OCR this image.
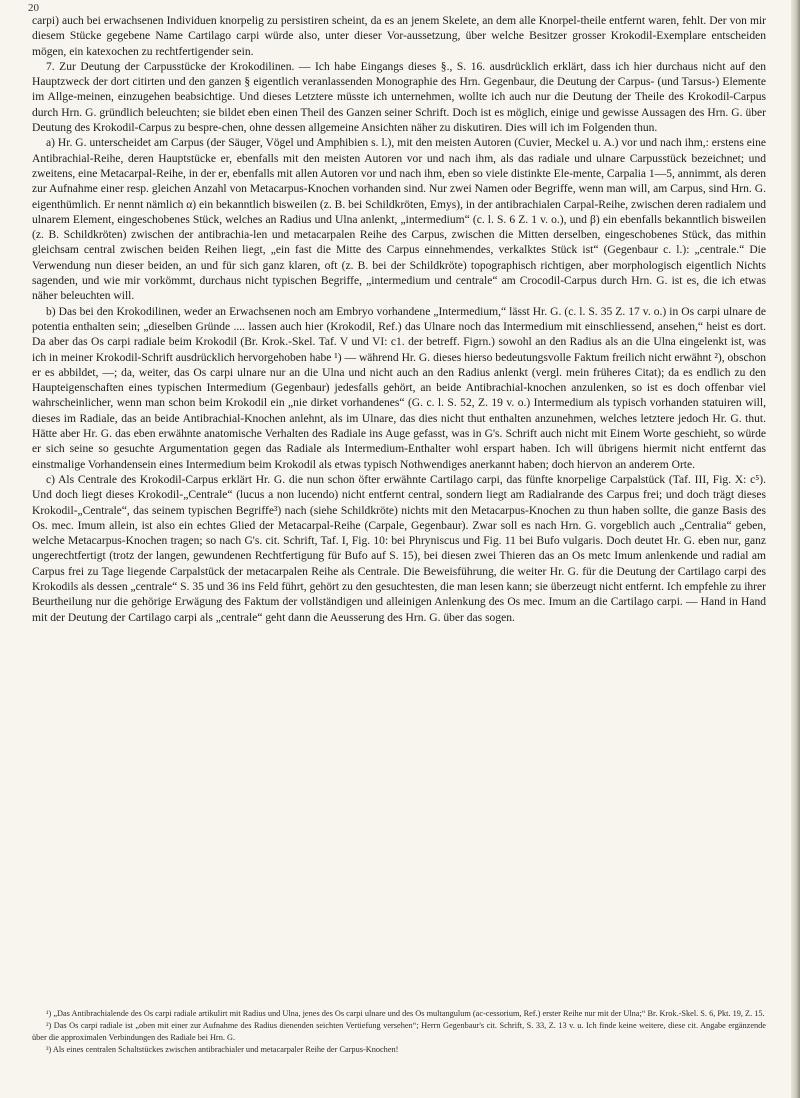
20

carpi) auch bei erwachsenen Individuen knorpelig zu persistiren scheint, da es an jenem Skelete, an dem alle Knorpel-theile entfernt waren, fehlt. Der von mir diesem Stücke gegebene Name Cartilago carpi würde also, unter dieser Vor-aussetzung, über welche Besitzer grosser Krokodil-Exemplare entscheiden mögen, ein katexochen zu rechtfertigender sein.

7. Zur Deutung der Carpusstücke der Krokodilinen. — Ich habe Eingangs dieses §., S. 16. ausdrücklich erklärt, dass ich hier durchaus nicht auf den Hauptzweck der dort citirten und den ganzen § eigentlich veranlassenden Monographie des Hrn. Gegenbaur, die Deutung der Carpus- (und Tarsus-) Elemente im Allge-meinen, einzugehen beabsichtige. Und dieses Letztere müsste ich unternehmen, wollte ich auch nur die Deutung der Theile des Krokodil-Carpus durch Hrn. G. gründlich beleuchten; sie bildet eben einen Theil des Ganzen seiner Schrift. Doch ist es möglich, einige und gewisse Aussagen des Hrn. G. über Deutung des Krokodil-Carpus zu bespre-chen, ohne dessen allgemeine Ansichten näher zu diskutiren. Dies will ich im Folgenden thun.

a) Hr. G. unterscheidet am Carpus (der Säuger, Vögel und Amphibien s. l.), mit den meisten Autoren (Cuvier, Meckel u. A.) vor und nach ihm,: erstens eine Antibrachial-Reihe, deren Hauptstücke er, ebenfalls mit den meisten Autoren vor und nach ihm, als das radiale und ulnare Carpusstück bezeichnet; und zweitens, eine Metacarpal-Reihe, in der er, ebenfalls mit allen Autoren vor und nach ihm, eben so viele distinkte Ele-mente, Carpalia 1—5, annimmt, als deren zur Aufnahme einer resp. gleichen Anzahl von Metacarpus-Knochen vorhanden sind. Nur zwei Namen oder Begriffe, wenn man will, am Carpus, sind Hrn. G. eigenthümlich. Er nennt nämlich α) ein bekanntlich bisweilen (z. B. bei Schildkröten, Emys), in der antibrachialen Carpal-Reihe, zwischen deren radialem und ulnarem Element, eingeschobenes Stück, welches an Radius und Ulna anlenkt, „intermedium“ (c. l. S. 6 Z. 1 v. o.), und β) ein ebenfalls bekanntlich bisweilen (z. B. Schildkröten) zwischen der antibrachia-len und metacarpalen Reihe des Carpus, zwischen die Mitten derselben, eingeschobenes Stück, das mithin gleichsam central zwischen beiden Reihen liegt, „ein fast die Mitte des Carpus einnehmendes, verkalktes Stück ist“ (Gegenbaur c. l.): „centrale.“ Die Verwendung nun dieser beiden, an und für sich ganz klaren, oft (z. B. bei der Schildkröte) topographisch richtigen, aber morphologisch eigentlich Nichts sagenden, und wie mir vorkömmt, durchaus nicht typischen Begriffe, „intermedium und centrale“ am Crocodil-Carpus durch Hrn. G. ist es, die ich etwas näher beleuchten will.

b) Das bei den Krokodilinen, weder an Erwachsenen noch am Embryo vorhandene „Intermedium,“ lässt Hr. G. (c. l. S. 35 Z. 17 v. o.) in Os carpi ulnare de potentia enthalten sein; „dieselben Gründe .... lassen auch hier (Krokodil, Ref.) das Ulnare noch das Intermedium mit einschliessend, ansehen,“ heist es dort. Da aber das Os carpi radiale beim Krokodil (Br. Krok.-Skel. Taf. V und VI: c1. der betreff. Figrn.) sowohl an den Radius als an die Ulna eingelenkt ist, was ich in meiner Krokodil-Schrift ausdrücklich hervorgehoben habe ¹) — während Hr. G. dieses hierso bedeutungsvolle Faktum freilich nicht erwähnt ²), obschon er es abbildet, —; da, weiter, das Os carpi ulnare nur an die Ulna und nicht auch an den Radius anlenkt (vergl. mein früheres Citat); da es endlich zu den Haupteigenschaften eines typischen Intermedium (Gegenbaur) jedesfalls gehört, an beide Antibrachial-knochen anzulenken, so ist es doch offenbar viel wahrscheinlicher, wenn man schon beim Krokodil ein „nie dirket vorhandenes“ (G. c. l. S. 52, Z. 19 v. o.) Intermedium als typisch vorhanden statuiren will, dieses im Radiale, das an beide Antibrachial-Knochen anlehnt, als im Ulnare, das dies nicht thut enthalten anzunehmen, welches letztere jedoch Hr. G. thut. Hätte aber Hr. G. das eben erwähnte anatomische Verhalten des Radiale ins Auge gefasst, was in G's. Schrift auch nicht mit Einem Worte geschieht, so würde er sich seine so gesuchte Argumentation gegen das Radiale als Intermedium-Enthalter wohl erspart haben. Ich will übrigens hiermit nicht entfernt das einstmalige Vorhandensein eines Intermedium beim Krokodil als etwas typisch Nothwendiges anerkannt haben; doch hiervon an anderem Orte.

c) Als Centrale des Krokodil-Carpus erklärt Hr. G. die nun schon öfter erwähnte Cartilago carpi, das fünfte knorpelige Carpalstück (Taf. III, Fig. X: c⁵). Und doch liegt dieses Krokodil-„Centrale“ (lucus a non lucendo) nicht entfernt central, sondern liegt am Radialrande des Carpus frei; und doch trägt dieses Krokodil-„Centrale“, das seinem typischen Begriffe³) nach (siehe Schildkröte) nichts mit den Metacarpus-Knochen zu thun haben sollte, die ganze Basis des Os. mec. Imum allein, ist also ein echtes Glied der Metacarpal-Reihe (Carpale, Gegenbaur). Zwar soll es nach Hrn. G. vorgeblich auch „Centralia“ geben, welche Metacarpus-Knochen tragen; so nach G's. cit. Schrift, Taf. I, Fig. 10: bei Phryniscus und Fig. 11 bei Bufo vulgaris. Doch deutet Hr. G. eben nur, ganz ungerechtfertigt (trotz der langen, gewundenen Rechtfertigung für Bufo auf S. 15), bei diesen zwei Thieren das an Os metc Imum anlenkende und radial am Carpus frei zu Tage liegende Carpalstück der metacarpalen Reihe als Centrale. Die Beweisführung, die weiter Hr. G. für die Deutung der Cartilago carpi des Krokodils als dessen „centrale“ S. 35 und 36 ins Feld führt, gehört zu den gesuchtesten, die man lesen kann; sie überzeugt nicht entfernt. Ich empfehle zu ihrer Beurtheilung nur die gehörige Erwägung des Faktum der vollständigen und alleinigen Anlenkung des Os mec. Imum an die Cartilago carpi. — Hand in Hand mit der Deutung der Cartilago carpi als „centrale“ geht dann die Aeusserung des Hrn. G. über das sogen.

¹) „Das Antibrachialende des Os carpi radiale artikulirt mit Radius und Ulna, jenes des Os carpi ulnare und des Os multangulum (ac-cessorium, Ref.) erster Reihe nur mit der Ulna;“ Br. Krok.-Skel. S. 6, Pkt. 19, Z. 15.

²) Das Os carpi radiale ist „oben mit einer zur Aufnahme des Radius dienenden seichten Vertiefung versehen“; Herrn Gegenbaur's cit. Schrift, S. 33, Z. 13 v. u. Ich finde keine weitere, diese cit. Angabe ergänzende über die approximalen Verbindungen des Radiale bei Hrn. G.

³) Als eines centralen Schaltstückes zwischen antibrachialer und metacarpaler Reihe der Carpus-Knochen!
